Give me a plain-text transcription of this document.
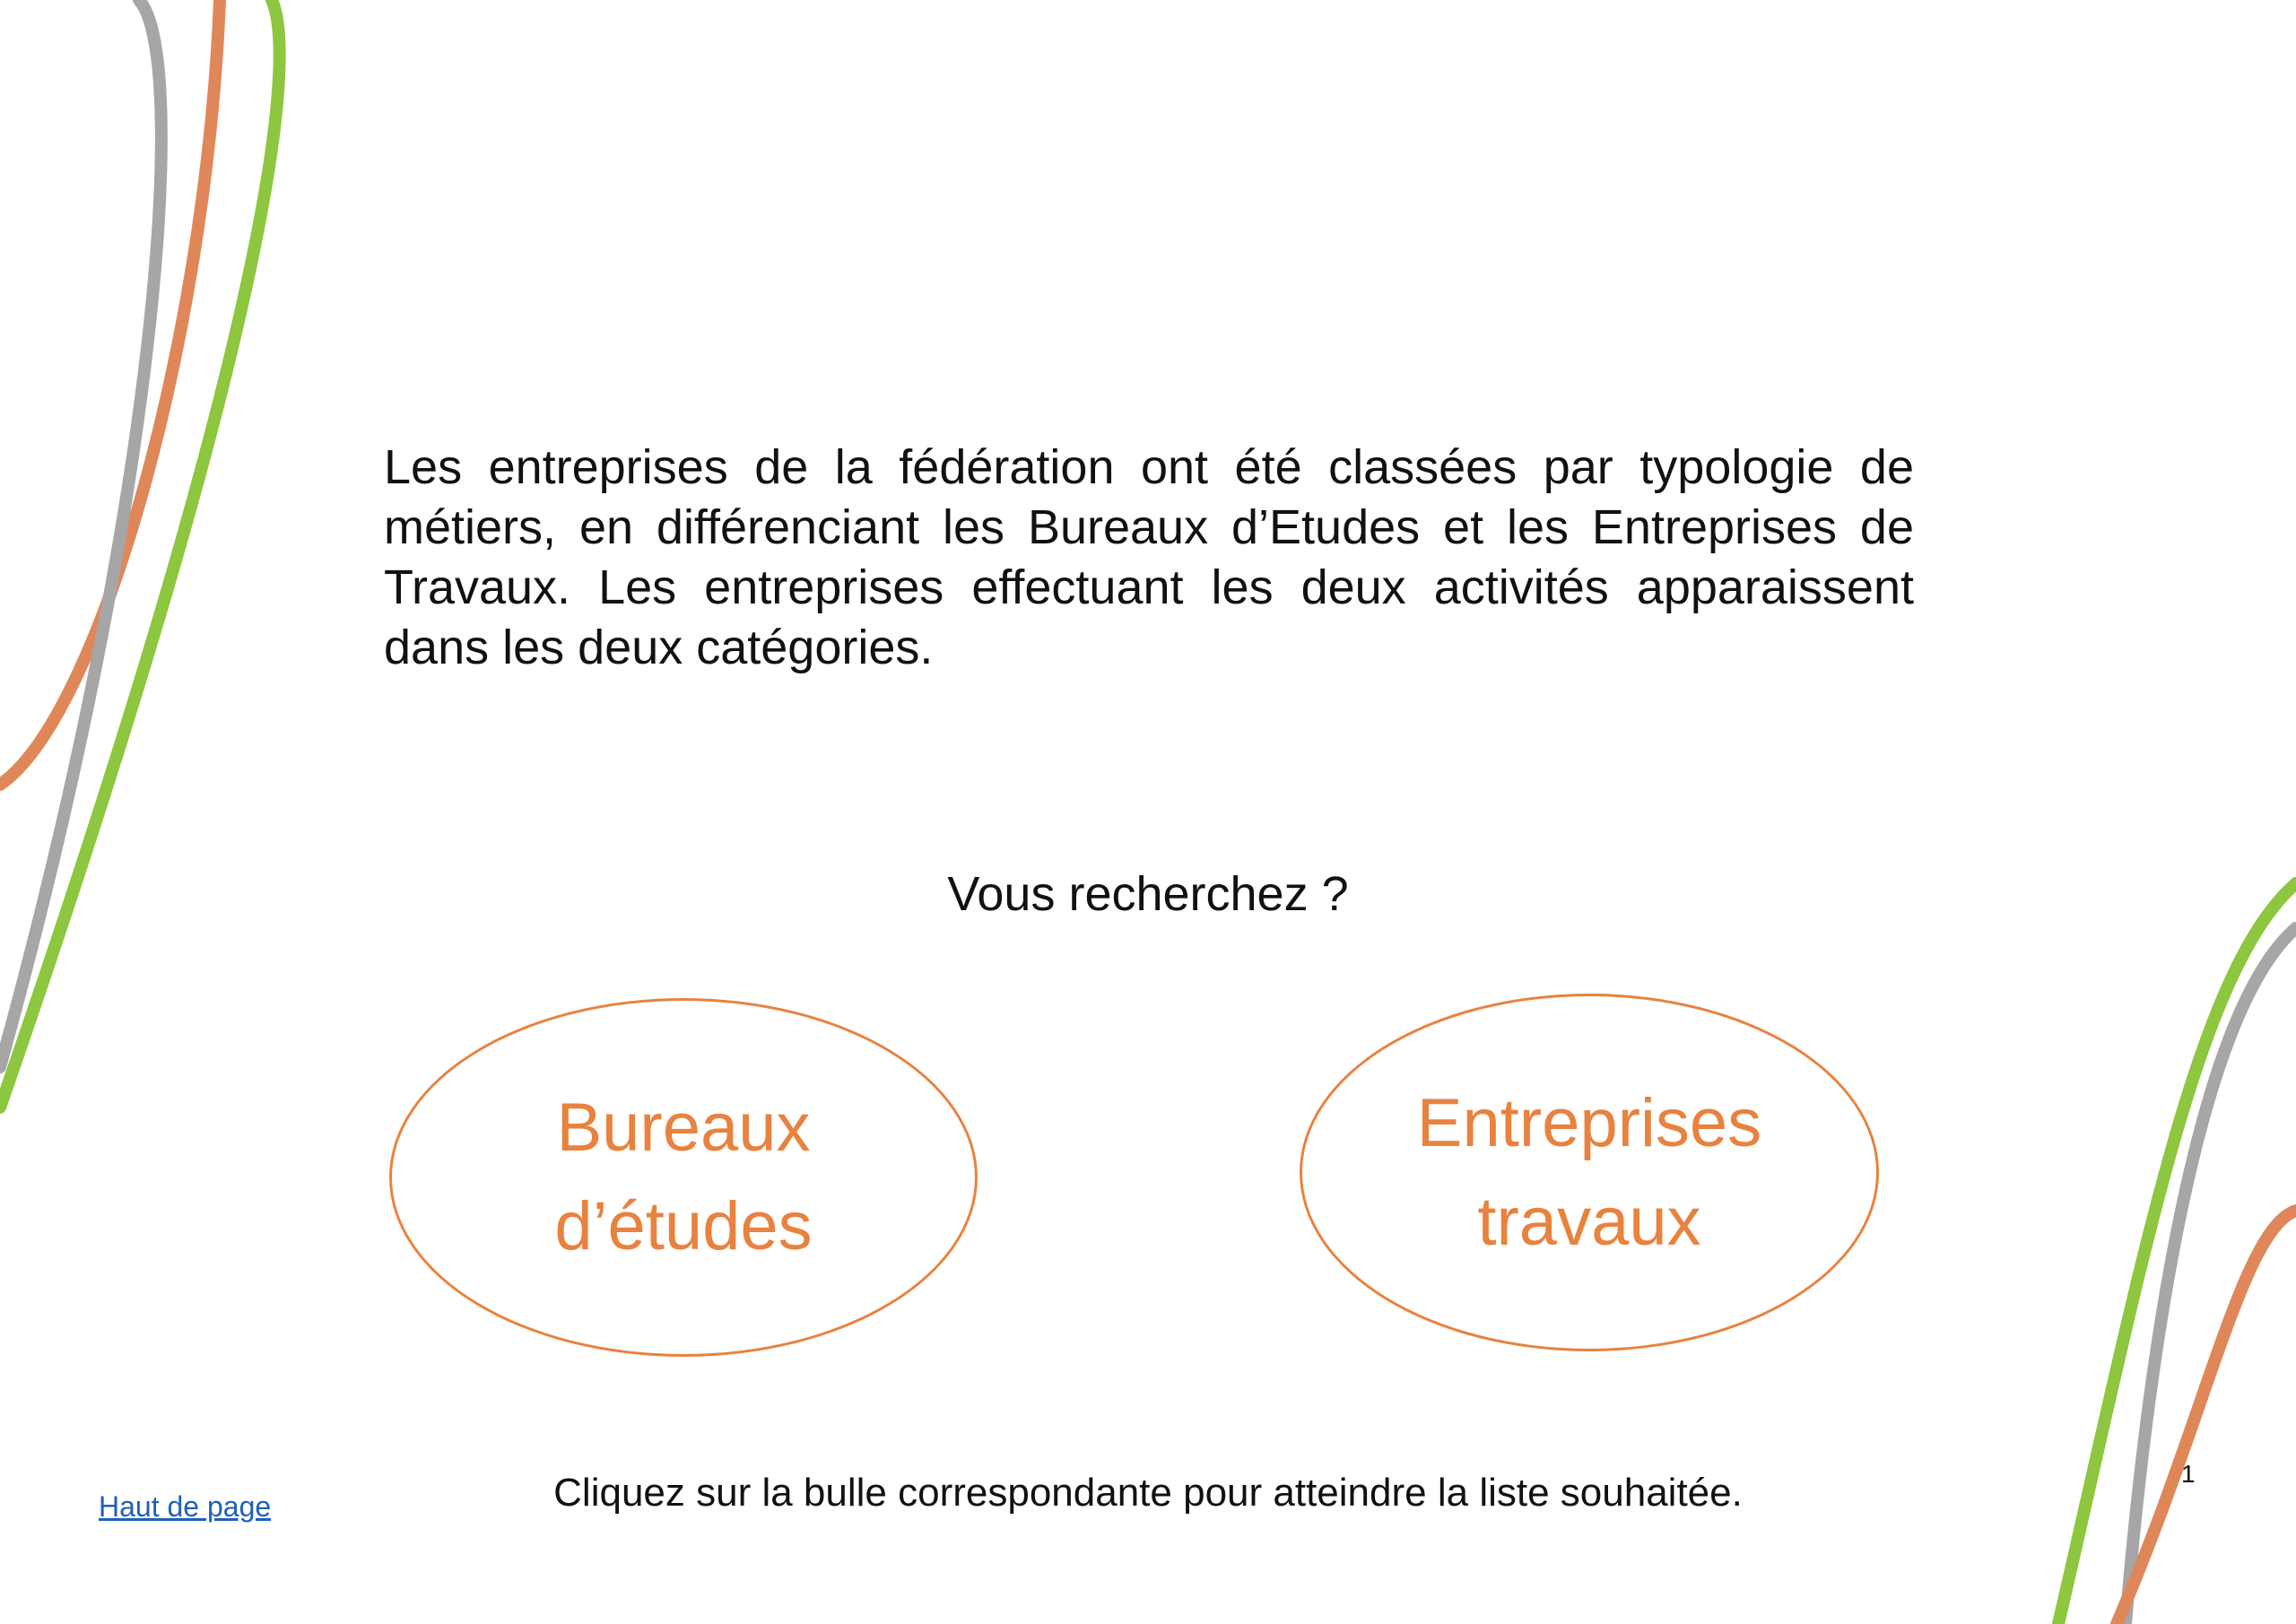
Les entreprises de la fédération ont été classées par typologie de métiers, en différenciant les Bureaux d’Etudes et les Entreprises de Travaux. Les entreprises effectuant les deux activités apparaissent dans les deux catégories.
Vous recherchez ?
Bureaux
d’études
Entreprises
travaux
Cliquez sur la bulle correspondante pour atteindre la liste souhaitée.
Haut de page
1
